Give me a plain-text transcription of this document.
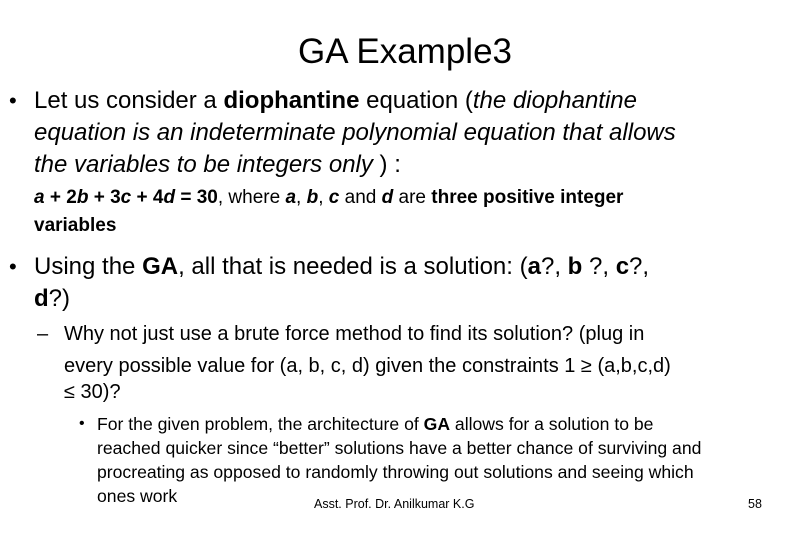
GA Example3
• Let us consider a diophantine equation (the diophantine
equation is an indeterminate polynomial equation that allows
the variables to be integers only ) :
a + 2b + 3c + 4d = 30, where a, b, c and d are three positive integer
variables
• Using the GA, all that is needed is a solution: (a?, b ?, c?,
d?)
– Why not just use a brute force method to find its solution? (plug in
every possible value for (a, b, c, d) given the constraints 1 ≥ (a,b,c,d)
≤ 30)?
• For the given problem, the architecture of GA allows for a solution to be
reached quicker since “better” solutions have a better chance of surviving and
procreating as opposed to randomly throwing out solutions and seeing which
ones work	Asst. Prof. Dr. Anilkumar K.G	58
